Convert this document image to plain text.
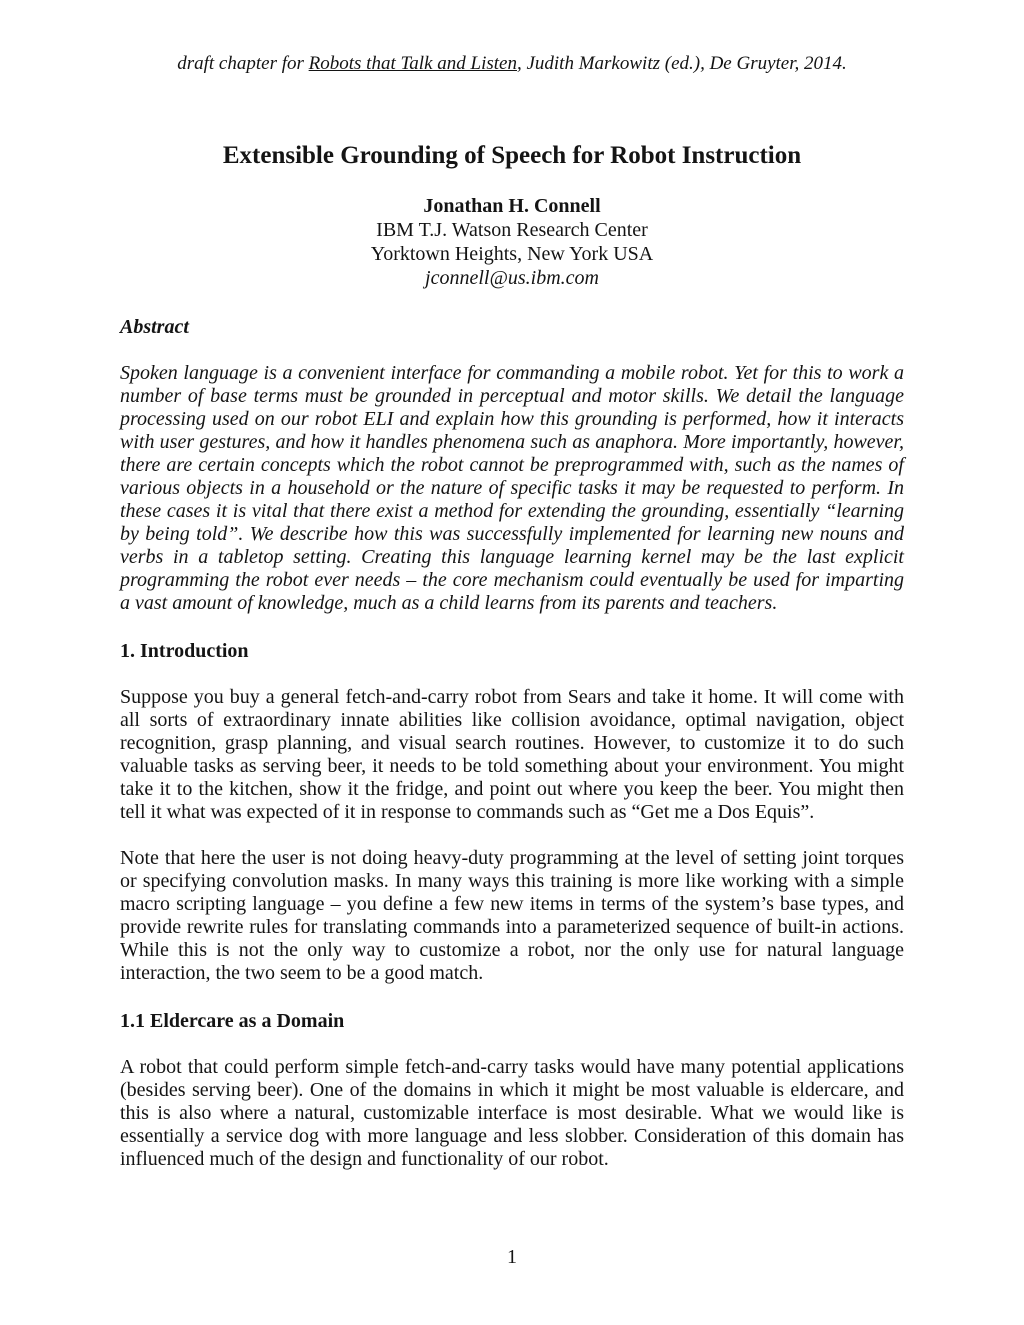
draft chapter for Robots that Talk and Listen, Judith Markowitz (ed.), De Gruyter, 2014.
Extensible Grounding of Speech for Robot Instruction
Jonathan H. Connell
IBM T.J. Watson Research Center
Yorktown Heights, New York USA
jconnell@us.ibm.com
Abstract

Spoken language is a convenient interface for commanding a mobile robot. Yet for this to work a number of base terms must be grounded in perceptual and motor skills. We detail the language processing used on our robot ELI and explain how this grounding is performed, how it interacts with user gestures, and how it handles phenomena such as anaphora. More importantly, however, there are certain concepts which the robot cannot be preprogrammed with, such as the names of various objects in a household or the nature of specific tasks it may be requested to perform. In these cases it is vital that there exist a method for extending the grounding, essentially “learning by being told”. We describe how this was successfully implemented for learning new nouns and verbs in a tabletop setting. Creating this language learning kernel may be the last explicit programming the robot ever needs – the core mechanism could eventually be used for imparting a vast amount of knowledge, much as a child learns from its parents and teachers.

1. Introduction

Suppose you buy a general fetch-and-carry robot from Sears and take it home. It will come with all sorts of extraordinary innate abilities like collision avoidance, optimal navigation, object recognition, grasp planning, and visual search routines. However, to customize it to do such valuable tasks as serving beer, it needs to be told something about your environment. You might take it to the kitchen, show it the fridge, and point out where you keep the beer. You might then tell it what was expected of it in response to commands such as “Get me a Dos Equis”.

Note that here the user is not doing heavy-duty programming at the level of setting joint torques or specifying convolution masks. In many ways this training is more like working with a simple macro scripting language – you define a few new items in terms of the system’s base types, and provide rewrite rules for translating commands into a parameterized sequence of built-in actions. While this is not the only way to customize a robot, nor the only use for natural language interaction, the two seem to be a good match.

1.1 Eldercare as a Domain

A robot that could perform simple fetch-and-carry tasks would have many potential applications (besides serving beer). One of the domains in which it might be most valuable is eldercare, and this is also where a natural, customizable interface is most desirable. What we would like is essentially a service dog with more language and less slobber. Consideration of this domain has influenced much of the design and functionality of our robot.

1
